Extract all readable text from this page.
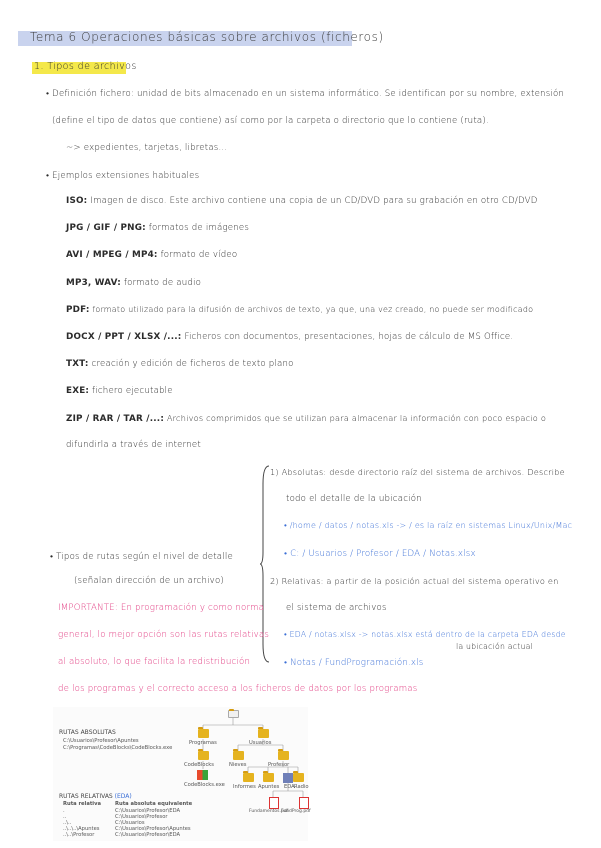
Tema 6 Operaciones básicas sobre archivos (ficheros)
1. Tipos de archivos
• Definición fichero: unidad de bits almacenado en un sistema informático. Se identifican por su nombre, extensión
(define el tipo de datos que contiene) así como por la carpeta o directorio que lo contiene (ruta).
~> expedientes, tarjetas, libretas...
• Ejemplos extensiones habituales
ISO: Imagen de disco. Este archivo contiene una copia de un CD/DVD para su grabación en otro CD/DVD
JPG / GIF / PNG: formatos de imágenes
AVI / MPEG / MP4: formato de vídeo
MP3, WAV: formato de audio
PDF: formato utilizado para la difusión de archivos de texto, ya que, una vez creado, no puede ser modificado
DOCX / PPT / XLSX /...: Ficheros con documentos, presentaciones, hojas de cálculo de MS Office.
TXT: creación y edición de ficheros de texto plano
EXE: fichero ejecutable
ZIP / RAR / TAR /...: Archivos comprimidos que se utilizan para almacenar la información con poco espacio o
difundirla a través de internet
1) Absolutas: desde directorio raíz del sistema de archivos. Describe
todo el detalle de la ubicación
• /home / datos / notas.xls -> / es la raíz en sistemas Linux/Unix/Mac
• C: / Usuarios / Profesor / EDA / Notas.xlsx
• Tipos de rutas según el nivel de detalle
(señalan dirección de un archivo)	2) Relativas: a partir de la posición actual del sistema operativo en
el sistema de archivos
• EDA / notas.xlsx -> notas.xlsx está dentro de la carpeta EDA desde
la ubicación actual
• Notas / FundProgramación.xls
IMPORTANTE: En programación y como norma
general, lo mejor opción son las rutas relativas
al absoluto, lo que facilita la redistribución
de los programas y el correcto acceso a los ficheros de datos por los programas
RUTAS ABSOLUTAS
C:\Usuarios\Profesor\Apuntes
C:\Programas\CodeBlocks\CodeBlocks.exe
RUTAS RELATIVAS (EDA)
Ruta relativa	Ruta absoluta equivalente
.	C:\Usuarios\Profesor\EDA
..	C:\Usuarios\Profesor
..\..	C:\Usuarios
..\..\..\Apuntes	C:\Usuarios\Profesor\Apuntes
..\..\Profesor	C:\Usuarios\Profesor\EDA
Programas	Usuarios
CodeBlocks	Nieves	Profesor
CodeBlocks.exe Informes Apuntes EDA Radio
Fundamentos.pdf
FundProg.pdf
